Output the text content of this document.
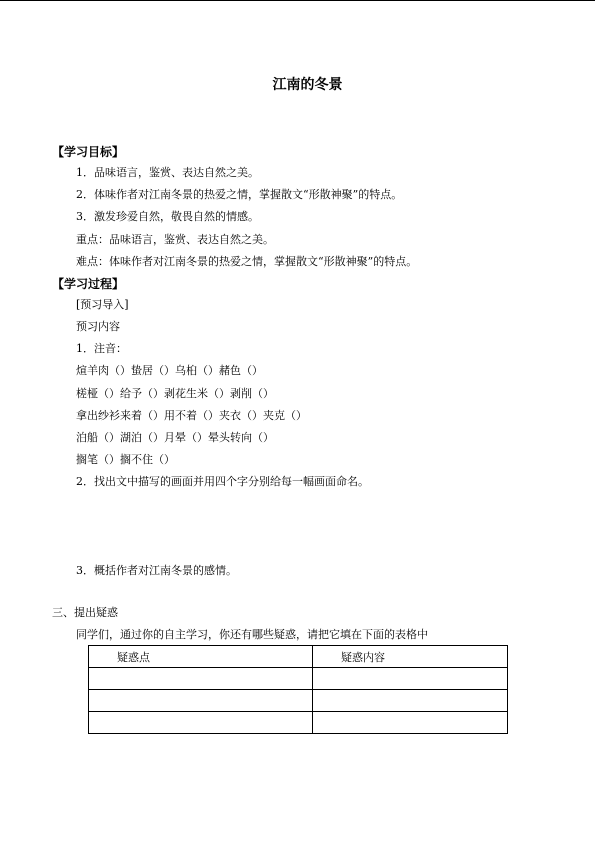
江南的冬景
【学习目标】
1．品味语言，鉴赏、表达自然之美。
2．体味作者对江南冬景的热爱之情，掌握散文“形散神聚”的特点。
3．激发珍爱自然，敬畏自然的情感。
重点：品味语言，鉴赏、表达自然之美。
难点：体味作者对江南冬景的热爱之情，掌握散文“形散神聚”的特点。
【学习过程】
[预习导入]
预习内容
1．注音：
煊羊肉（）蛰居（）乌桕（）赭色（）
槎桠（）给予（）剥花生米（）剥削（）
拿出纱衫来着（）用不着（）夹衣（）夹克（）
泊船（）湖泊（）月晕（）晕头转向（）
搁笔（）搁不住（）
2．找出文中描写的画面并用四个字分别给每一幅画面命名。
3．概括作者对江南冬景的感情。
三、提出疑惑
同学们，通过你的自主学习，你还有哪些疑惑，请把它填在下面的表格中
疑惑点	疑惑内容
